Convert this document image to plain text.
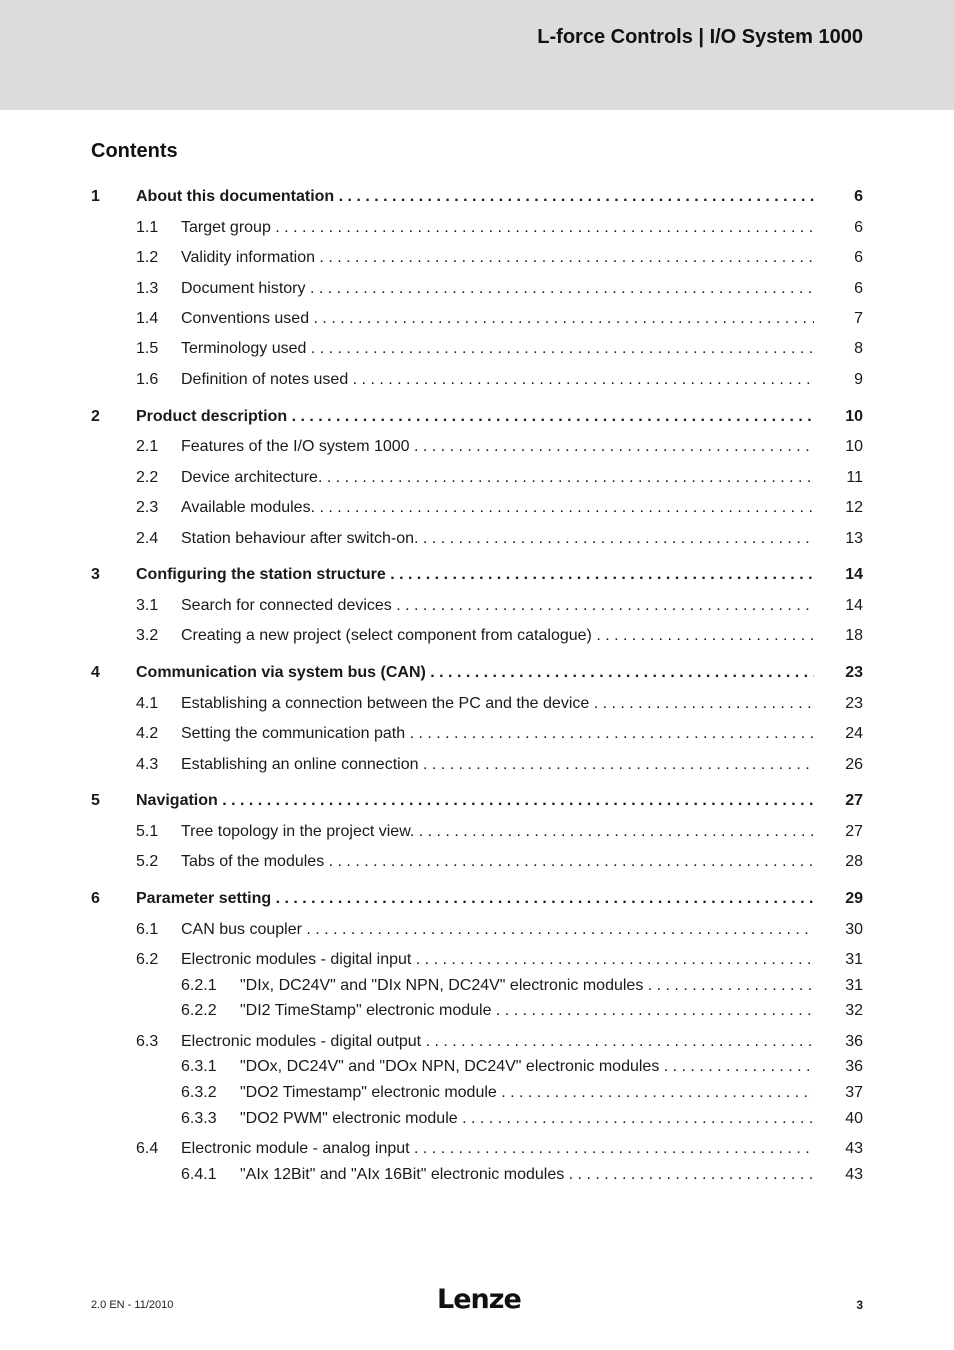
L-force Controls | I/O System 1000
Contents
1 About this documentation . . .	6
1.1 Target group . . .	6
1.2 Validity information . . .	6
1.3 Document history . . .	6
1.4 Conventions used . . .	7
1.5 Terminology used . . .	8
1.6 Definition of notes used . . .	9
2 Product description . . .	10
2.1 Features of the I/O system 1000 . . .	10
2.2 Device architecture. . . .	11
2.3 Available modules. . . .	12
2.4 Station behaviour after switch-on. . . .	13
3 Configuring the station structure . . .	14
3.1 Search for connected devices . . .	14
3.2 Creating a new project (select component from catalogue) . . .	18
4 Communication via system bus (CAN) . . .	23
4.1 Establishing a connection between the PC and the device . . .	23
4.2 Setting the communication path . . .	24
4.3 Establishing an online connection . . .	26
5 Navigation . . .	27
5.1 Tree topology in the project view. . . .	27
5.2 Tabs of the modules . . .	28
6 Parameter setting . . .	29
6.1 CAN bus coupler . . .	30
6.2 Electronic modules - digital input . . .	31
6.2.1 "DIx, DC24V" and "DIx NPN, DC24V" electronic modules . . .	31
6.2.2 "DI2 TimeStamp" electronic module . . .	32
6.3 Electronic modules - digital output . . .	36
6.3.1 "DOx, DC24V" and "DOx NPN, DC24V" electronic modules . . .	36
6.3.2 "DO2 Timestamp" electronic module . . .	37
6.3.3 "DO2 PWM" electronic module . . .	40
6.4 Electronic module - analog input . . .	43
6.4.1 "AIx 12Bit" and "AIx 16Bit" electronic modules . . .	43
2.0 EN - 11/2010	Lenze	3
